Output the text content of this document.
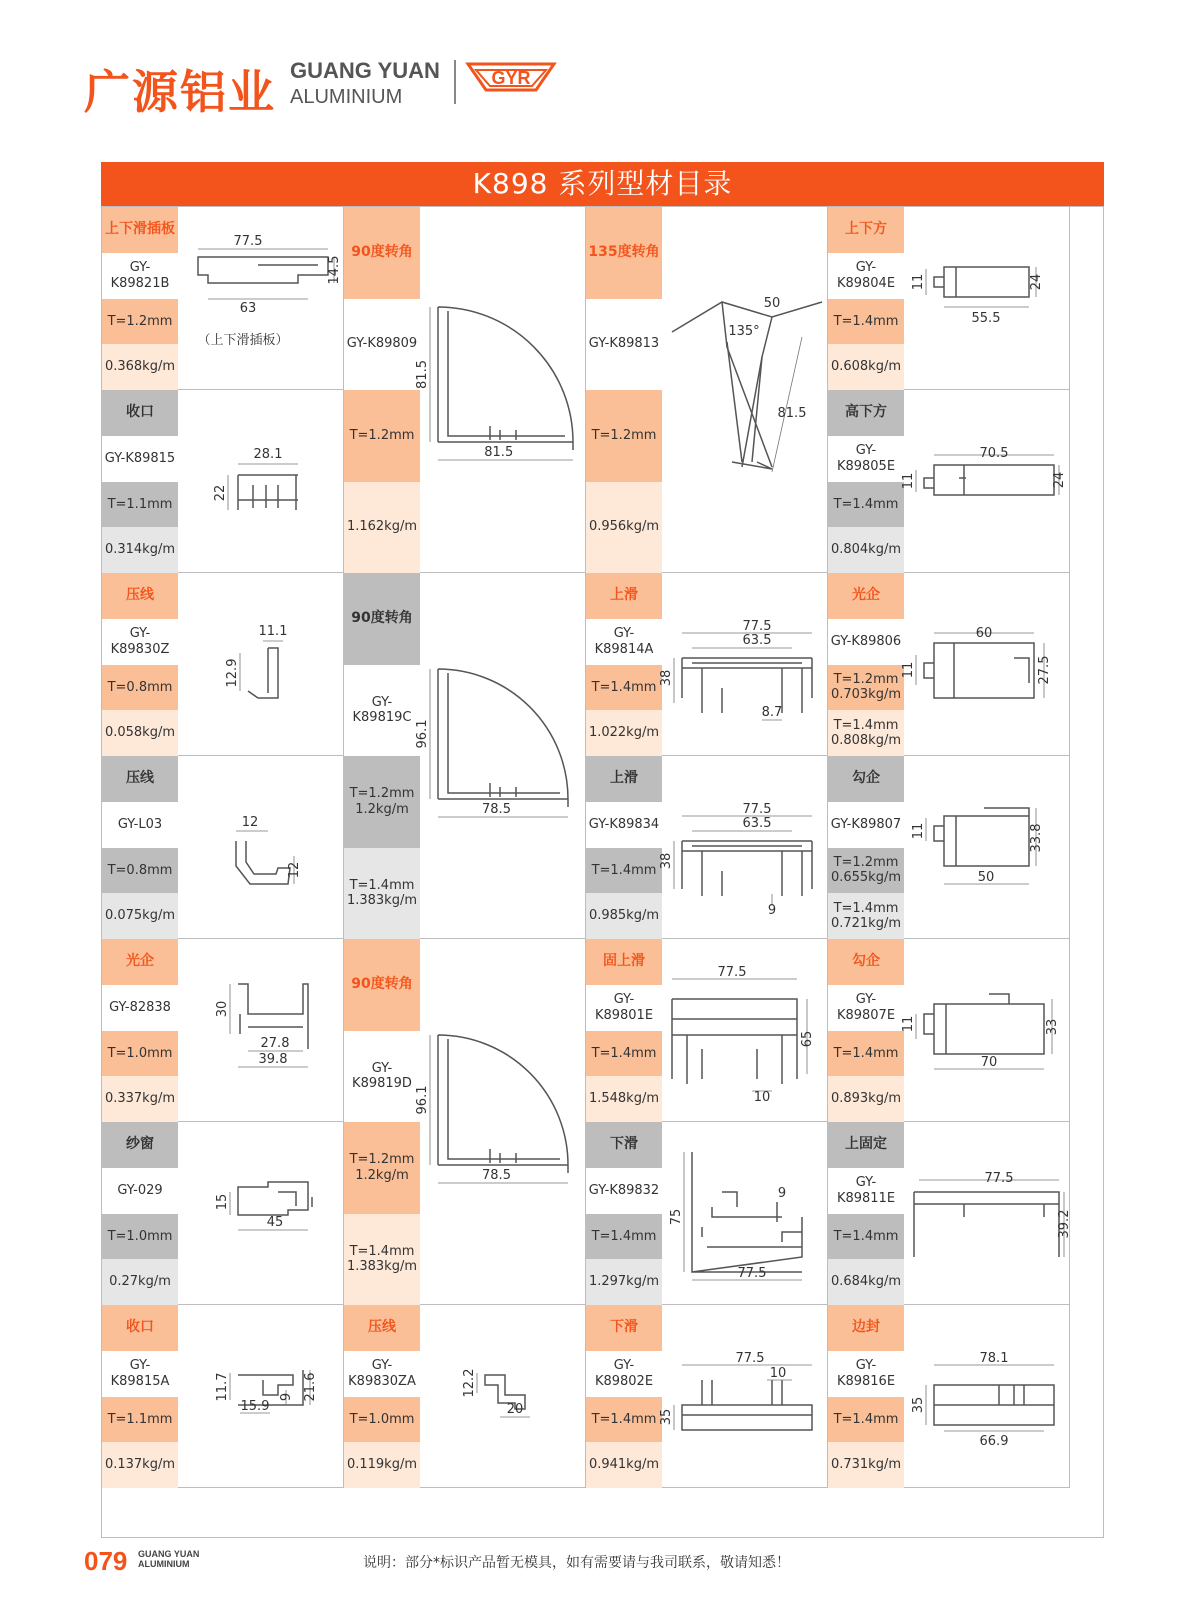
广源铝业 GUANG YUAN
ALUMINIUM
GYR
K898 系列型材目录
上下滑插板
GY-K89821B
T=1.2mm
0.368kg/m
77.5
63
14.5
（上下滑插板）
收口
GY-K89815
T=1.1mm
0.314kg/m
28.1
22
压线
GY-K89830Z
T=0.8mm
0.058kg/m
11.1
12.9
压线
GY-L03
T=0.8mm
0.075kg/m
12
12
光企
GY-82838
T=1.0mm
0.337kg/m
30
27.8
39.8
纱窗
GY-029
T=1.0mm
0.27kg/m
15
45
收口
GY-K89815A
T=1.1mm
0.137kg/m
11.7	9 21.6
15.9
90度转角
GY-K89809
T=1.2mm
1.162kg/m
81.5
81.5
90度转角
GY-K89819C
T=1.2mm
1.2kg/m
T=1.4mm
1.383kg/m
96.1
78.5
90度转角
GY-K89819D
T=1.2mm
1.2kg/m
T=1.4mm
1.383kg/m
96.1
78.5
压线
GY-K89830ZA
T=1.0mm
0.119kg/m
12.2
20
135度转角
GY-K89813
T=1.2mm
0.956kg/m
50
135°
81.5
上滑
GY-K89814A
T=1.4mm
1.022kg/m
77.5
63.5
38
8.7
上滑
GY-K89834
T=1.4mm
0.985kg/m
77.5
63.5
38
9
固上滑
GY-K89801E
T=1.4mm
1.548kg/m
77.5
65
10
下滑
GY-K89832
T=1.4mm
1.297kg/m
75
9
77.5
下滑
GY-K89802E
T=1.4mm
0.941kg/m
77.5
10
35
上下方
GY-K89804E
T=1.4mm
0.608kg/m
11	24
55.5
高下方
GY-K89805E
T=1.4mm
0.804kg/m
70.5
11	24
光企
GY-K89806
T=1.2mm
0.703kg/m
T=1.4mm
0.808kg/m
60
11	27.5
勾企
GY-K89807
T=1.2mm
0.655kg/m
T=1.4mm
0.721kg/m
11	33.8
50
勾企
GY-K89807E
T=1.4mm
0.893kg/m
11	33
70
上固定
GY-K89811E
T=1.4mm
0.684kg/m
77.5
39.2
边封
GY-K89816E
T=1.4mm
0.731kg/m
78.1
35
66.9
079 GUANG YUAN
ALUMINIUM	说明：部分*标识产品暂无模具，如有需要请与我司联系，敬请知悉！
